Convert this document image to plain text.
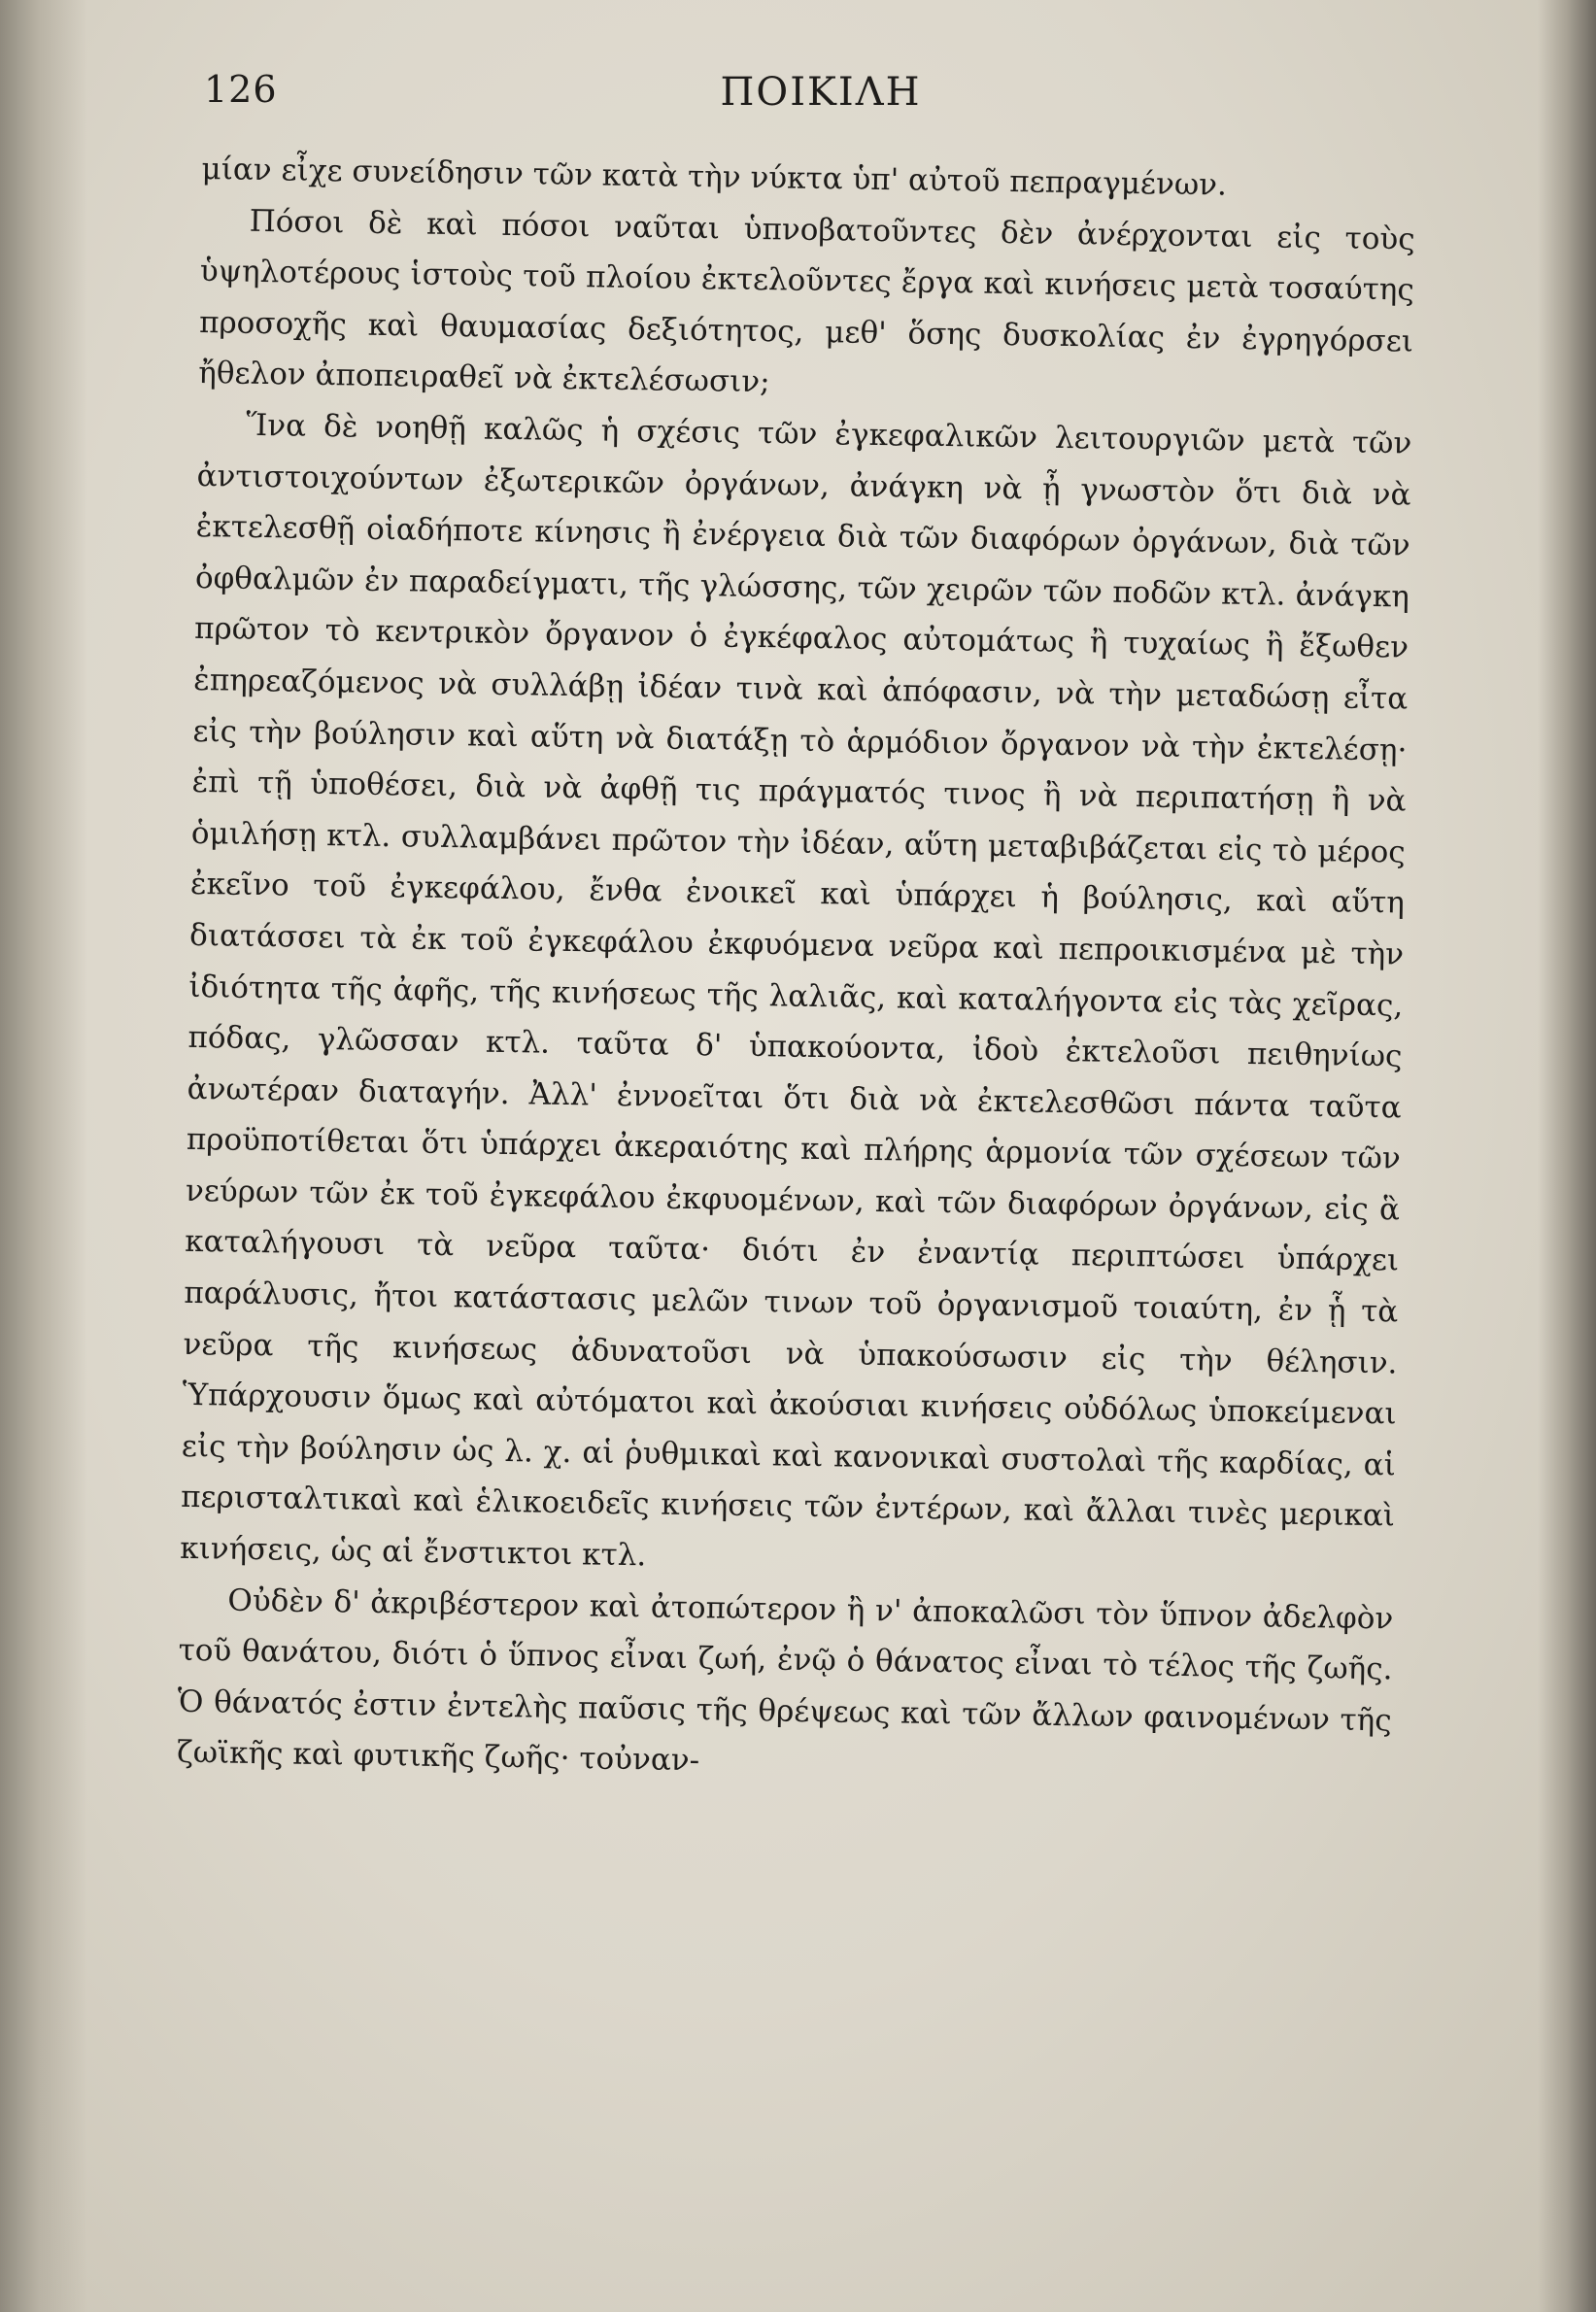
126	ΠΟΙΚΙΛΗ

μίαν εἶχε συνείδησιν τῶν κατὰ τὴν νύκτα ὑπ' αὐτοῦ πεπραγμένων.

Πόσοι δὲ καὶ πόσοι ναῦται ὑπνοβατοῦντες δὲν ἀνέρχονται εἰς τοὺς ὑψηλοτέρους ἱστοὺς τοῦ πλοίου ἐκτελοῦντες ἔργα καὶ κινήσεις μετὰ τοσαύτης προσοχῆς καὶ θαυμασίας δεξιότητος, μεθ' ὅσης δυσκολίας ἐν ἐγρηγόρσει ἤθελον ἀποπειραθεῖ νὰ ἐκτελέσωσιν;

Ἵνα δὲ νοηθῇ καλῶς ἡ σχέσις τῶν ἐγκεφαλικῶν λειτουργιῶν μετὰ τῶν ἀντιστοιχούντων ἐξωτερικῶν ὀργάνων, ἀνάγκη νὰ ᾖ γνωστὸν ὅτι διὰ νὰ ἐκτελεσθῇ οἱαδήποτε κίνησις ἢ ἐνέργεια διὰ τῶν διαφόρων ὀργάνων, διὰ τῶν ὀφθαλμῶν ἐν παραδείγματι, τῆς γλώσσης, τῶν χειρῶν τῶν ποδῶν κτλ. ἀνάγκη πρῶτον τὸ κεντρικὸν ὄργανον ὁ ἐγκέφαλος αὐτομάτως ἢ τυχαίως ἢ ἔξωθεν ἐπηρεαζόμενος νὰ συλλάβῃ ἰδέαν τινὰ καὶ ἀπόφασιν, νὰ τὴν μεταδώσῃ εἶτα εἰς τὴν βούλησιν καὶ αὕτη νὰ διατάξῃ τὸ ἁρμόδιον ὄργανον νὰ τὴν ἐκτελέσῃ· ἐπὶ τῇ ὑποθέσει, διὰ νὰ ἀφθῇ τις πράγματός τινος ἢ νὰ περιπατήσῃ ἢ νὰ ὁμιλήσῃ κτλ. συλλαμβάνει πρῶτον τὴν ἰδέαν, αὕτη μεταβιβάζεται εἰς τὸ μέρος ἐκεῖνο τοῦ ἐγκεφάλου, ἔνθα ἐνοικεῖ καὶ ὑπάρχει ἡ βούλησις, καὶ αὕτη διατάσσει τὰ ἐκ τοῦ ἐγκεφάλου ἐκφυόμενα νεῦρα καὶ πεπροικισμένα μὲ τὴν ἰδιότητα τῆς ἀφῆς, τῆς κινήσεως τῆς λαλιᾶς, καὶ καταλήγοντα εἰς τὰς χεῖρας, πόδας, γλῶσσαν κτλ. ταῦτα δ' ὑπακούοντα, ἰδοὺ ἐκτελοῦσι πειθηνίως ἀνωτέραν διαταγήν. Ἀλλ' ἐννοεῖται ὅτι διὰ νὰ ἐκτελεσθῶσι πάντα ταῦτα προϋποτίθεται ὅτι ὑπάρχει ἀκεραιότης καὶ πλήρης ἁρμονία τῶν σχέσεων τῶν νεύρων τῶν ἐκ τοῦ ἐγκεφάλου ἐκφυομένων, καὶ τῶν διαφόρων ὀργάνων, εἰς ἃ καταλήγουσι τὰ νεῦρα ταῦτα· διότι ἐν ἐναντίᾳ περιπτώσει ὑπάρχει παράλυσις, ἤτοι κατάστασις μελῶν τινων τοῦ ὀργανισμοῦ τοιαύτη, ἐν ᾗ τὰ νεῦρα τῆς κινήσεως ἀδυνατοῦσι νὰ ὑπακούσωσιν εἰς τὴν θέλησιν. Ὑπάρχουσιν ὅμως καὶ αὐτόματοι καὶ ἀκούσιαι κινήσεις οὐδόλως ὑποκείμεναι εἰς τὴν βούλησιν ὡς λ. χ. αἱ ῥυθμικαὶ καὶ κανονικαὶ συστολαὶ τῆς καρδίας, αἱ περισταλτικαὶ καὶ ἑλικοειδεῖς κινήσεις τῶν ἐντέρων, καὶ ἄλλαι τινὲς μερικαὶ κινήσεις, ὡς αἱ ἔνστικτοι κτλ.

Οὐδὲν δ' ἀκριβέστερον καὶ ἀτοπώτερον ἢ ν' ἀποκαλῶσι τὸν ὕπνον ἀδελφὸν τοῦ θανάτου, διότι ὁ ὕπνος εἶναι ζωή, ἐνῷ ὁ θάνατος εἶναι τὸ τέλος τῆς ζωῆς. Ὁ θάνατός ἐστιν ἐντελὴς παῦσις τῆς θρέψεως καὶ τῶν ἄλλων φαινομένων τῆς ζωϊκῆς καὶ φυτικῆς ζωῆς· τοὐναν-
